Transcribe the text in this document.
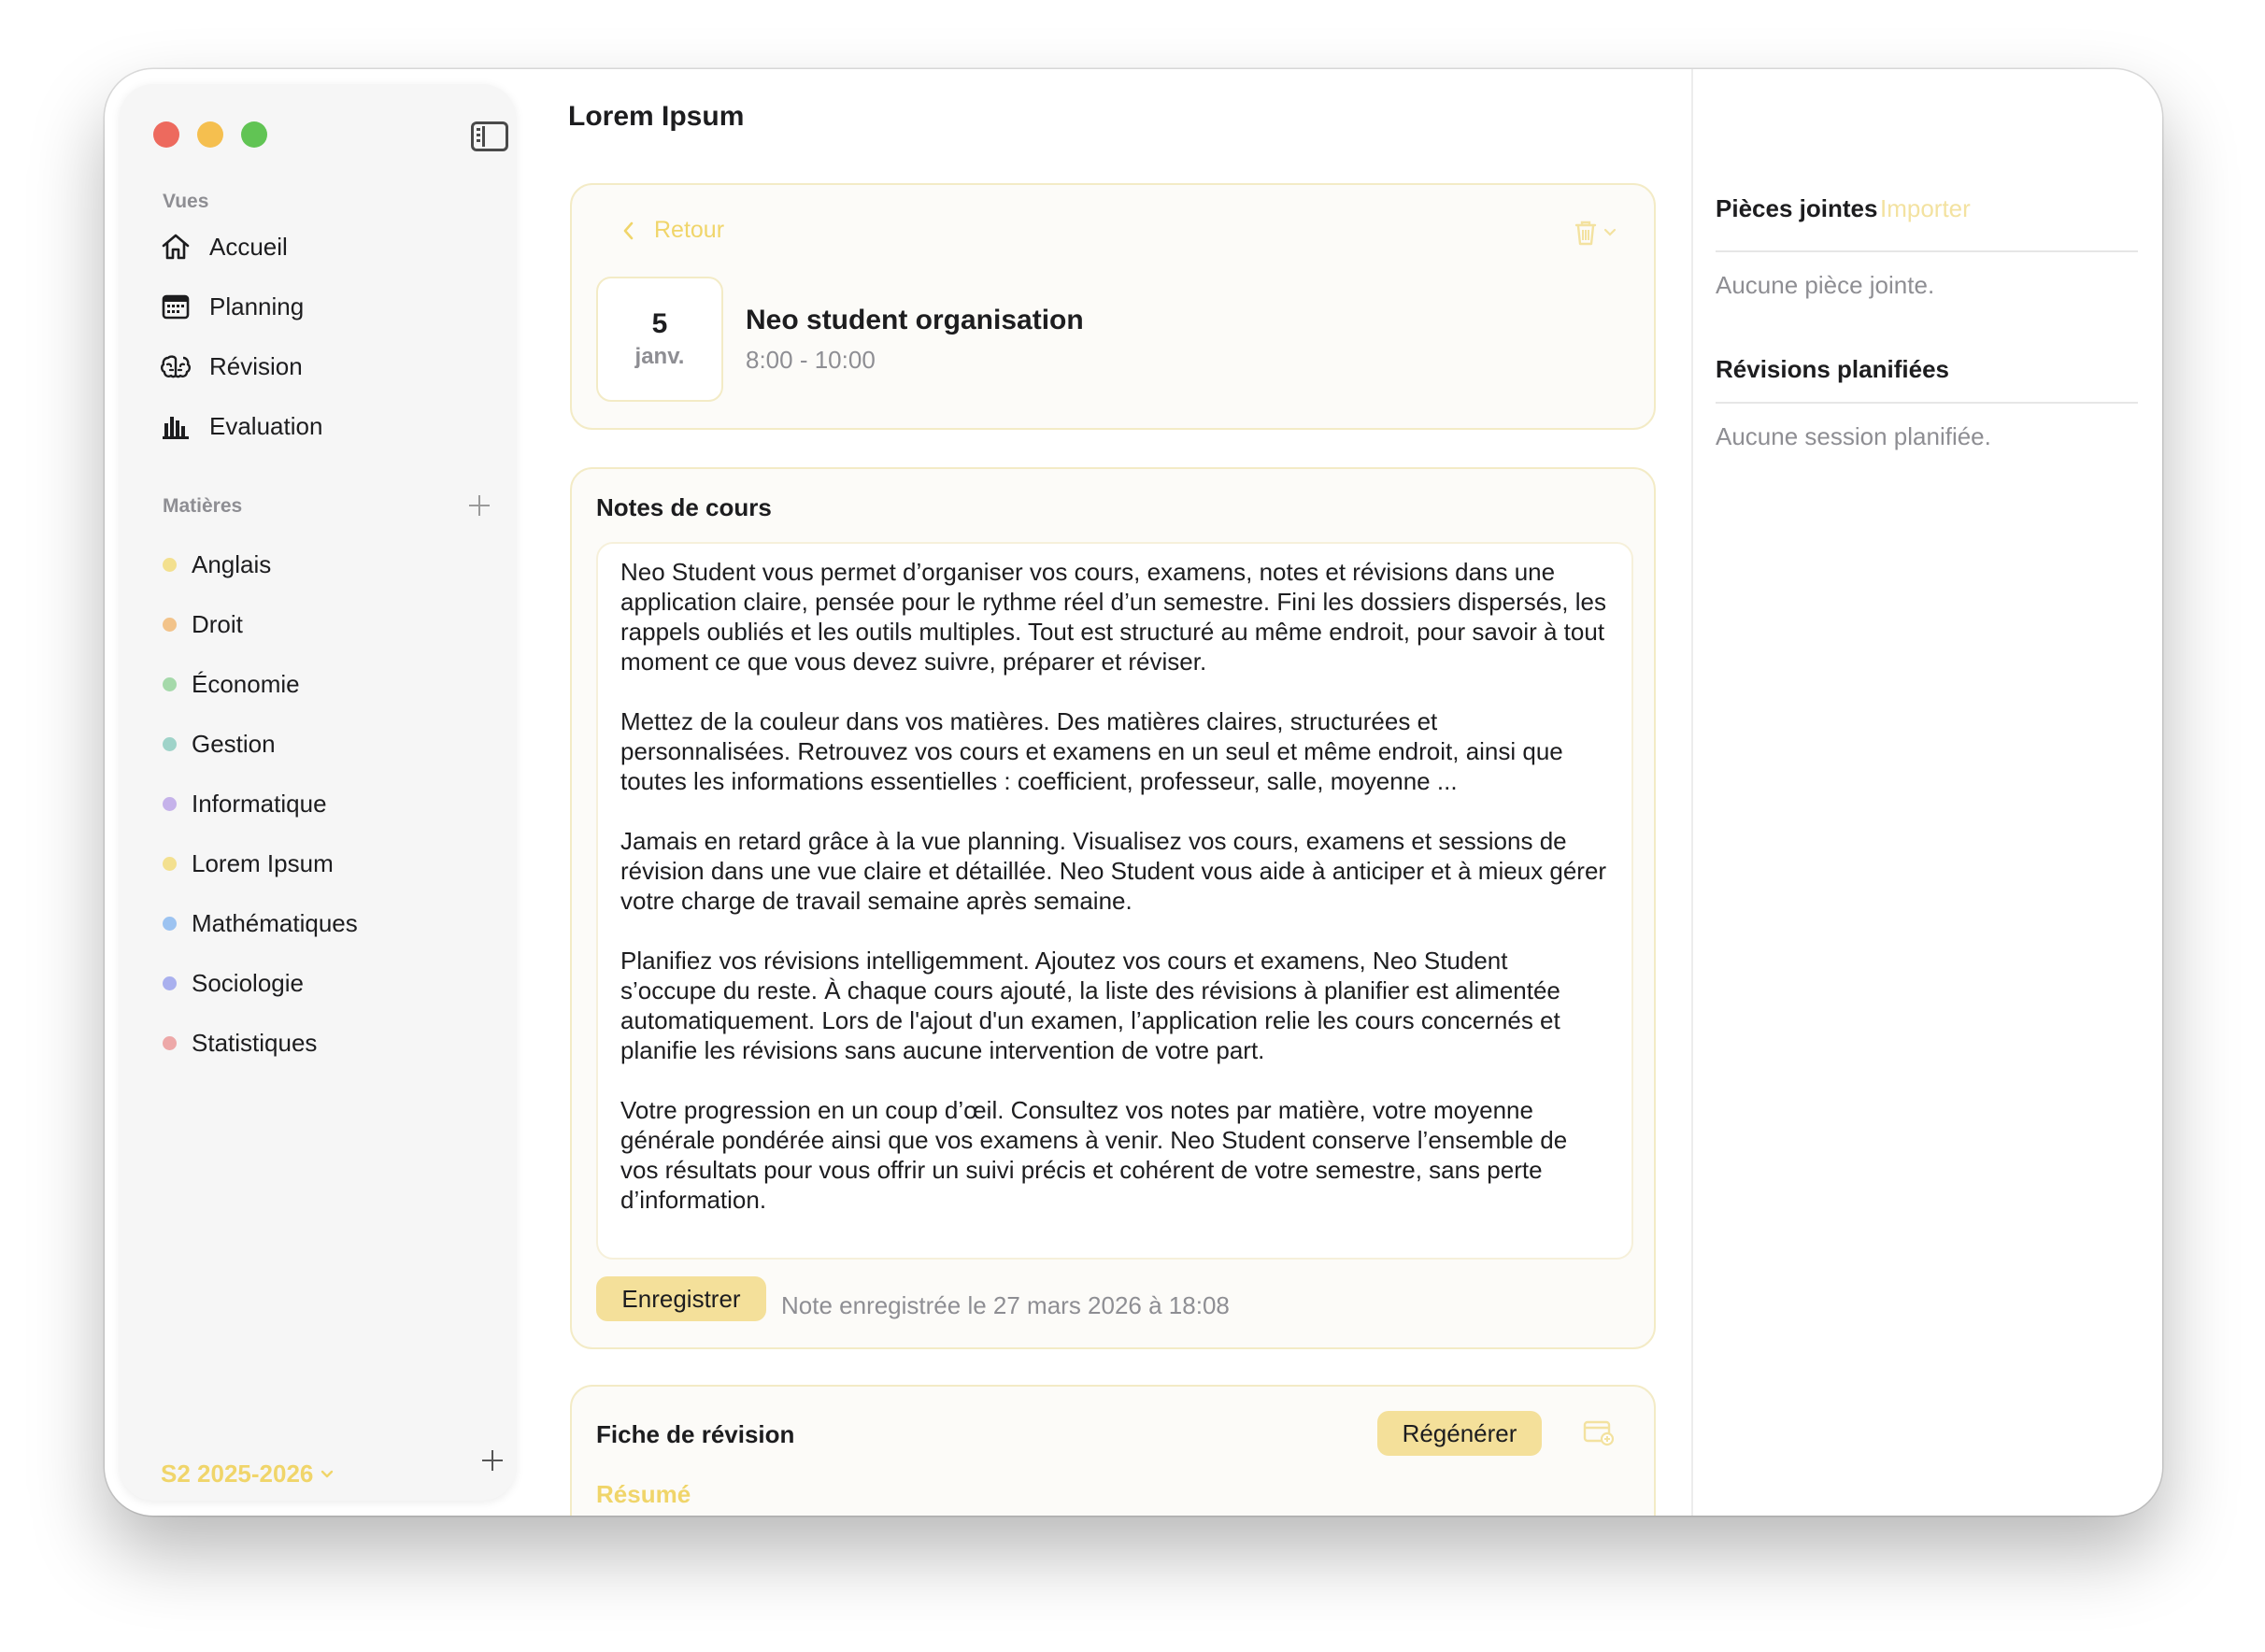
Vues
Accueil
Planning
Révision
Evaluation
Matières
Anglais
Droit
Économie
Gestion
Informatique
Lorem Ipsum
Mathématiques
Sociologie
Statistiques
S2 2025-2026
Lorem Ipsum
Retour
5
janv.
Neo student organisation
8:00 - 10:00
Notes de cours
Neo Student vous permet d’organiser vos cours, examens, notes et révisions dans une application claire, pensée pour le rythme réel d’un semestre. Fini les dossiers dispersés, les rappels oubliés et les outils multiples. Tout est structuré au même endroit, pour savoir à tout moment ce que vous devez suivre, préparer et réviser.

Mettez de la couleur dans vos matières. Des matières claires, structurées et personnalisées. Retrouvez vos cours et examens en un seul et même endroit, ainsi que toutes les informations essentielles : coefficient, professeur, salle, moyenne ...

Jamais en retard grâce à la vue planning. Visualisez vos cours, examens et sessions de révision dans une vue claire et détaillée. Neo Student vous aide à anticiper et à mieux gérer votre charge de travail semaine après semaine.

Planifiez vos révisions intelligemment. Ajoutez vos cours et examens, Neo Student s’occupe du reste. À chaque cours ajouté, la liste des révisions à planifier est alimentée automatiquement. Lors de l'ajout d'un examen, l’application relie les cours concernés et planifie les révisions sans aucune intervention de votre part.

Votre progression en un coup d’œil. Consultez vos notes par matière, votre moyenne générale pondérée ainsi que vos examens à venir. Neo Student conserve l’ensemble de vos résultats pour vous offrir un suivi précis et cohérent de votre semestre, sans perte d’information.
Enregistrer	Note enregistrée le 27 mars 2026 à 18:08
Fiche de révision	Régénérer
Résumé
Pièces jointes Importer
Aucune pièce jointe.
Révisions planifiées
Aucune session planifiée.
